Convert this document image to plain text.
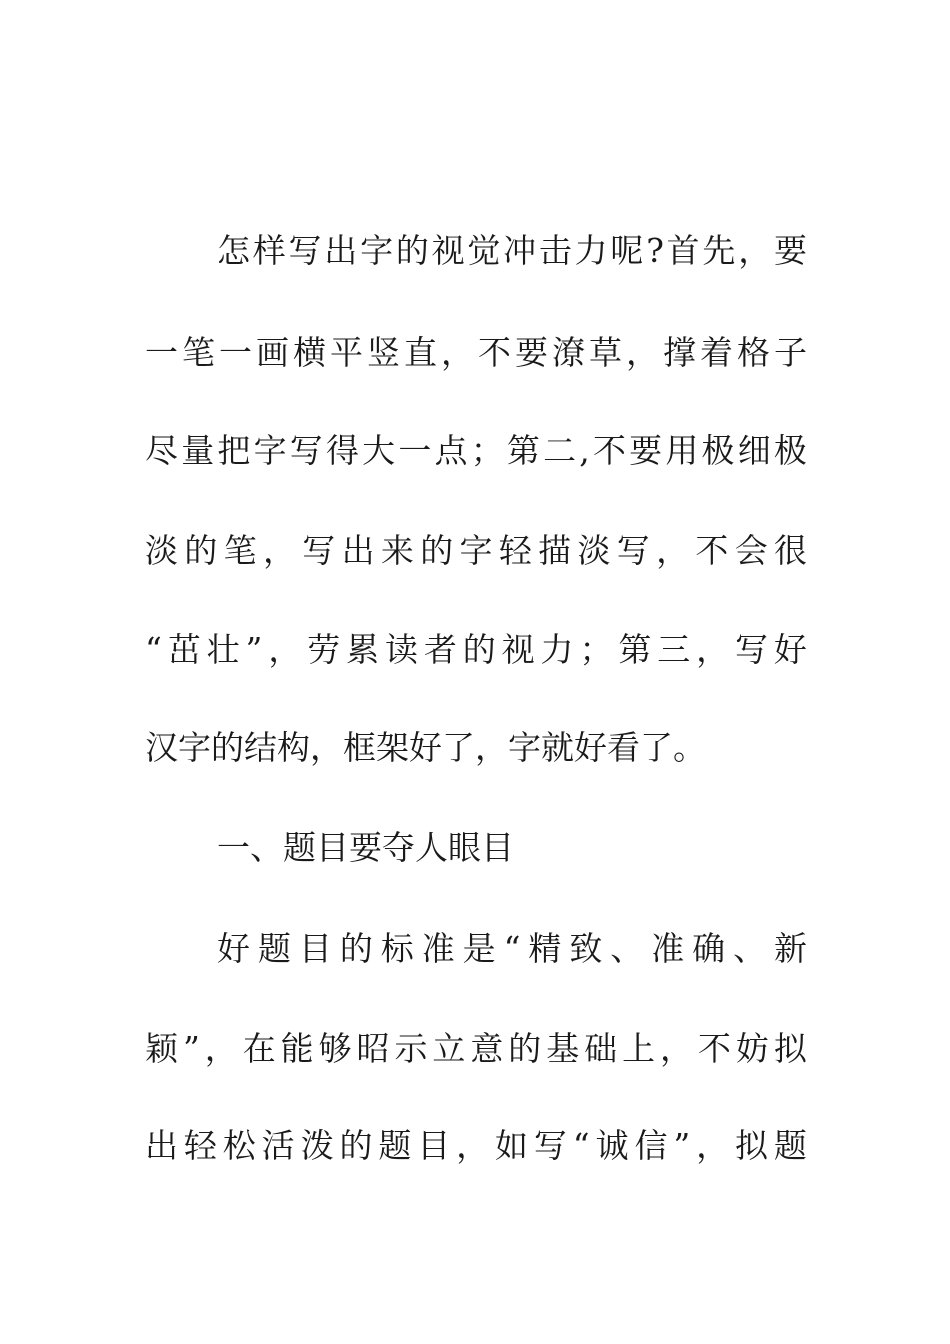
怎 样 写 出 字 的 视 觉 冲 击 力 呢 ? 首 先 ， 要
一 笔 一 画 横 平 竖 直 ， 不 要 潦 草 ， 撑 着 格 子
尽 量 把 字 写 得 大 一 点 ； 第 二 , 不 要 用 极 细 极
淡 的 笔 ， 写 出 来 的 字 轻 描 淡 写 ， 不 会 很
“ 茁 壮 ” ， 劳 累 读 者 的 视 力 ； 第 三 ， 写 好
汉字的结构，框架好了，字就好看了。
一、题目要夺人眼目
好 题 目 的 标 准 是 “ 精 致 、 准 确 、 新
颖 ” ， 在 能 够 昭 示 立 意 的 基 础 上 ， 不 妨 拟
出 轻 松 活 泼 的 题 目 ， 如 写 “ 诚 信 ” ， 拟 题
